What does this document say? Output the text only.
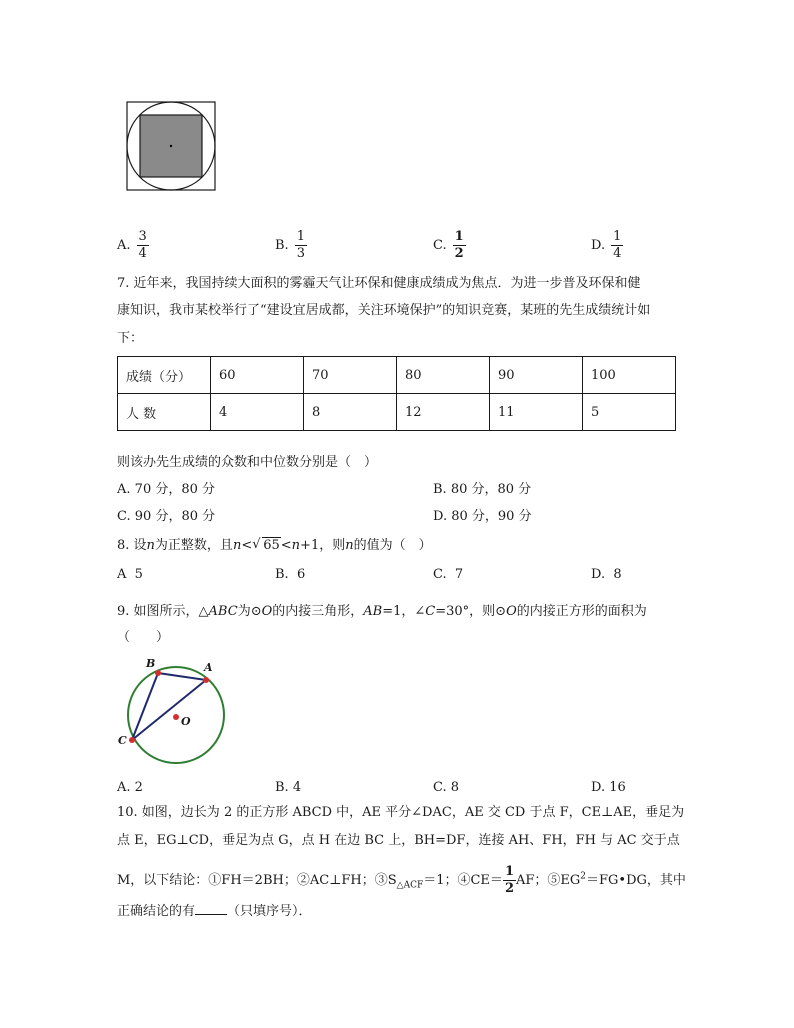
A. $\frac{3}{4}$	B. $\frac{1}{3}$	C. $\frac{1}{2}$	D. $\frac{1}{4}$
7. 近年来，我国持续大面积的雾霾天气让环保和健康成绩成为焦点．为进一步普及环保和健
康知识，我市某校举行了“建设宜居成都，关注环境保护”的知识竞赛，某班的先生成绩统计如
下：
成绩（分）	60	70	80	90	100
人 数	4	8	12	11	5
则该办先生成绩的众数和中位数分别是（　）
A. 70 分，80 分	B. 80 分，80 分
C. 90 分，80 分	D. 80 分，90 分
8. 设n为正整数，且n< √ 65<n+1，则n的值为（　）
A 5	B. 6	C. 7	D. 8
9. 如图所示，△ABC为⊙O的内接三角形，AB=1，∠C=30°，则⊙O的内接正方形的面积为
（　　）
B	A
C
O
A. 2	B. 4	C. 8	D. 16
10. 如图，边长为 2 的正方形 ABCD 中，AE 平分∠DAC，AE 交 CD 于点 F，CE⊥AE，垂足为
点 E，EG⊥CD，垂足为点 G，点 H 在边 BC 上，BH=DF，连接 AH、FH，FH 与 AC 交于点
M，以下结论：①FH＝2BH；②AC⊥FH；$③S_{\triangle ACF}=1$；④CE＝ $\frac{1}{2}$ AF；$⑤EG^2=FG•DG$，其中
正确结论的有 （只填序号）．
